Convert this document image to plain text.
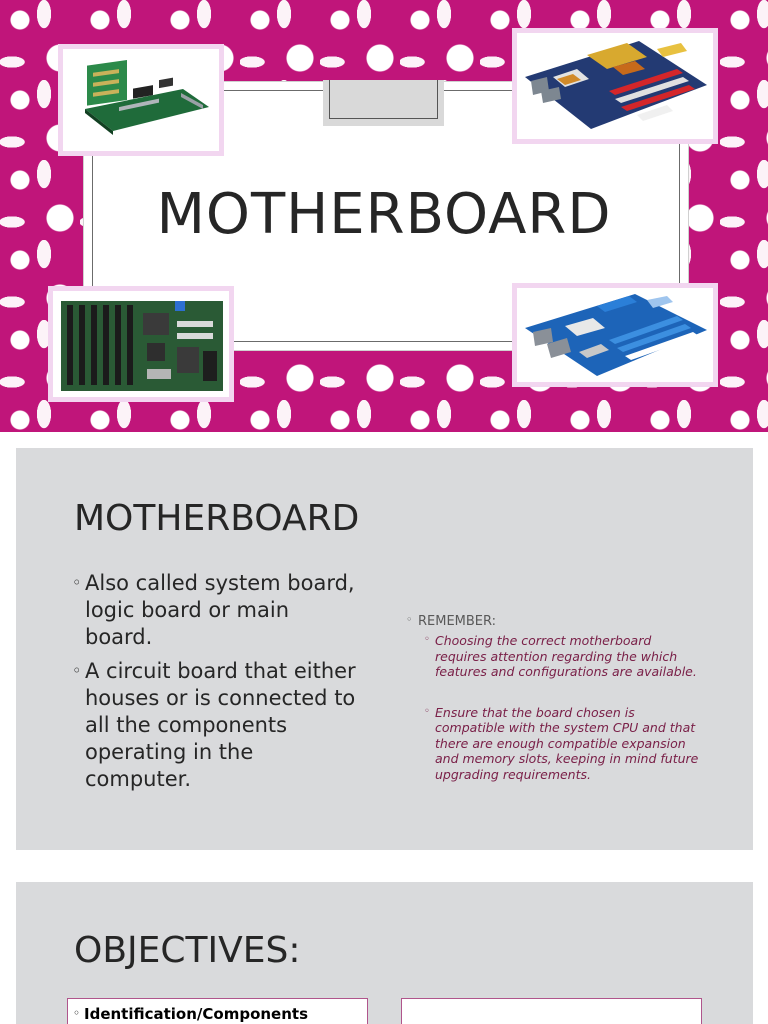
MOTHERBOARD
MOTHERBOARD
◦ Also called system board, logic board or main board.
◦ A circuit board that either houses or is connected to all the components operating in the computer.

◦ REMEMBER:

◦ Choosing the correct motherboard requires attention regarding the which features and configurations are available.
◦ Ensure that the board chosen is compatible with the system CPU and that there are enough compatible expansion and memory slots, keeping in mind future upgrading requirements.
OBJECTIVES:
◦ Identification/Components
